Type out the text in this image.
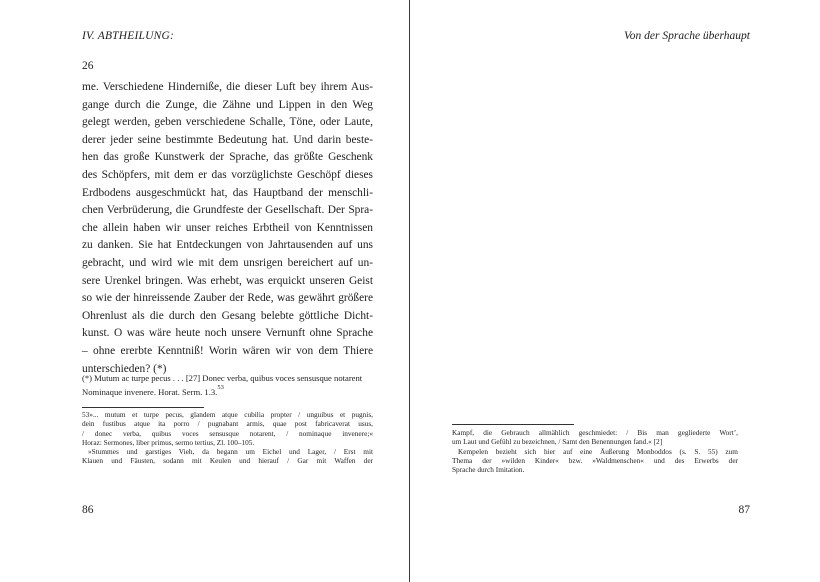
IV. ABTHEILUNG:
26
me. Verschiedene Hinderniße, die dieser Luft bey ihrem Aus-
gange durch die Zunge, die Zähne und Lippen in den Weg
gelegt werden, geben verschiedene Schalle, Töne, oder Laute,
derer jeder seine bestimmte Bedeutung hat. Und darin beste-
hen das große Kunstwerk der Sprache, das größte Geschenk
des Schöpfers, mit dem er das vorzüglichste Geschöpf dieses
Erdbodens ausgeschmückt hat, das Hauptband der menschli-
chen Verbrüderung, die Grundfeste der Gesellschaft. Der Spra-
che allein haben wir unser reiches Erbtheil von Kenntnissen
zu danken. Sie hat Entdeckungen von Jahrtausenden auf uns
gebracht, und wird wie mit dem unsrigen bereichert auf un-
sere Urenkel bringen. Was erhebt, was erquickt unseren Geist
so wie der hinreissende Zauber der Rede, was gewährt größere
Ohrenlust als die durch den Gesang belebte göttliche Dicht-
kunst. O was wäre heute noch unsere Vernunft ohne Sprache
– ohne ererbte Kenntniß! Worin wären wir von dem Thiere
unterschieden? (*)
(*) Mutum ac turpe pecus . . . [27] Donec verba, quibus voces sensusque notarent
Nominaque invenere. Horat. Serm. 1.3.53
53»... mutum et turpe pecus, glandem atque cubilia propter / unguibus et pugnis,
dein fustibus atque ita porro / pugnabant armis, quae post fabricaverat usus,
/ donec verba, quibus voces sensusque notarent, / nominaque invenere;«
Horaz: Sermones, liber primus, sermo tertius, Zl. 100–105.
»Stummes und garstiges Vieh, da begann um Eichel und Lager, / Erst mit
Klauen und Fäusten, sodann mit Keulen und hierauf / Gar mit Waffen der
86
Von der Sprache überhaupt
Kampf, die Gebrauch allmählich geschmiedet: / Bis man gegliederte Wort’,
um Laut und Gefühl zu bezeichnen, / Samt den Benennungen fand.« [2]
Kempelen bezieht sich hier auf eine Äußerung Monboddos (s. S. 55) zum
Thema der »wilden Kinder« bzw. »Waldmenschen« und des Erwerbs der
Sprache durch Imitation.
87
